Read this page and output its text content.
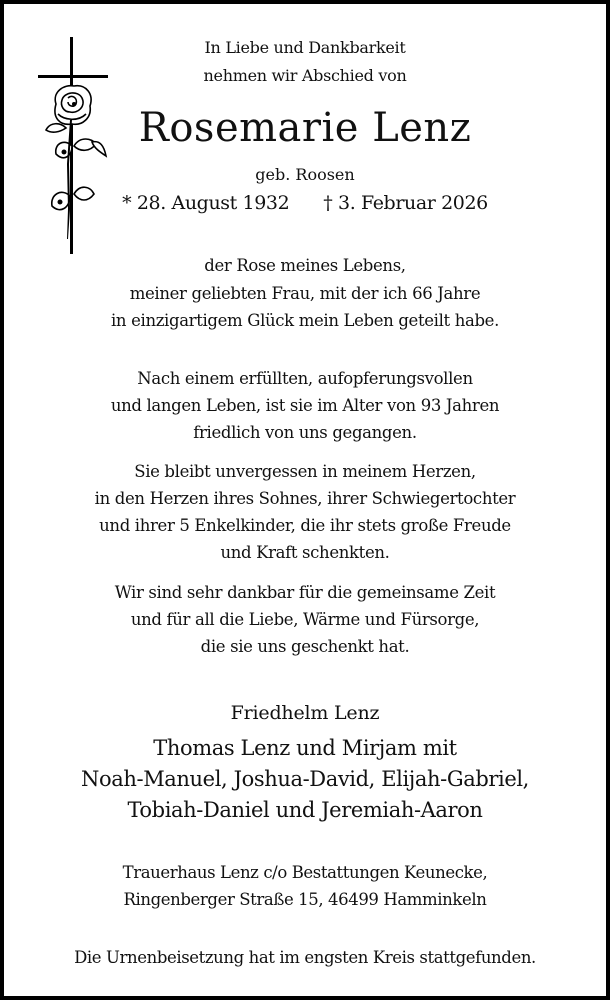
In Liebe und Dankbarkeit
nehmen wir Abschied von
Rosemarie Lenz
geb. Roosen
* 28. August 1932 † 3. Februar 2026
der Rose meines Lebens,
meiner geliebten Frau, mit der ich 66 Jahre
in einzigartigem Glück mein Leben geteilt habe.
Nach einem erfüllten, aufopferungsvollen
und langen Leben, ist sie im Alter von 93 Jahren
friedlich von uns gegangen.
Sie bleibt unvergessen in meinem Herzen,
in den Herzen ihres Sohnes, ihrer Schwiegertochter
und ihrer 5 Enkelkinder, die ihr stets große Freude
und Kraft schenkten.
Wir sind sehr dankbar für die gemeinsame Zeit
und für all die Liebe, Wärme und Fürsorge,
die sie uns geschenkt hat.
Friedhelm Lenz
Thomas Lenz und Mirjam mit
Noah-Manuel, Joshua-David, Elijah-Gabriel,
Tobiah-Daniel und Jeremiah-Aaron
Trauerhaus Lenz c/o Bestattungen Keunecke,
Ringenberger Straße 15, 46499 Hamminkeln
Die Urnenbeisetzung hat im engsten Kreis stattgefunden.
